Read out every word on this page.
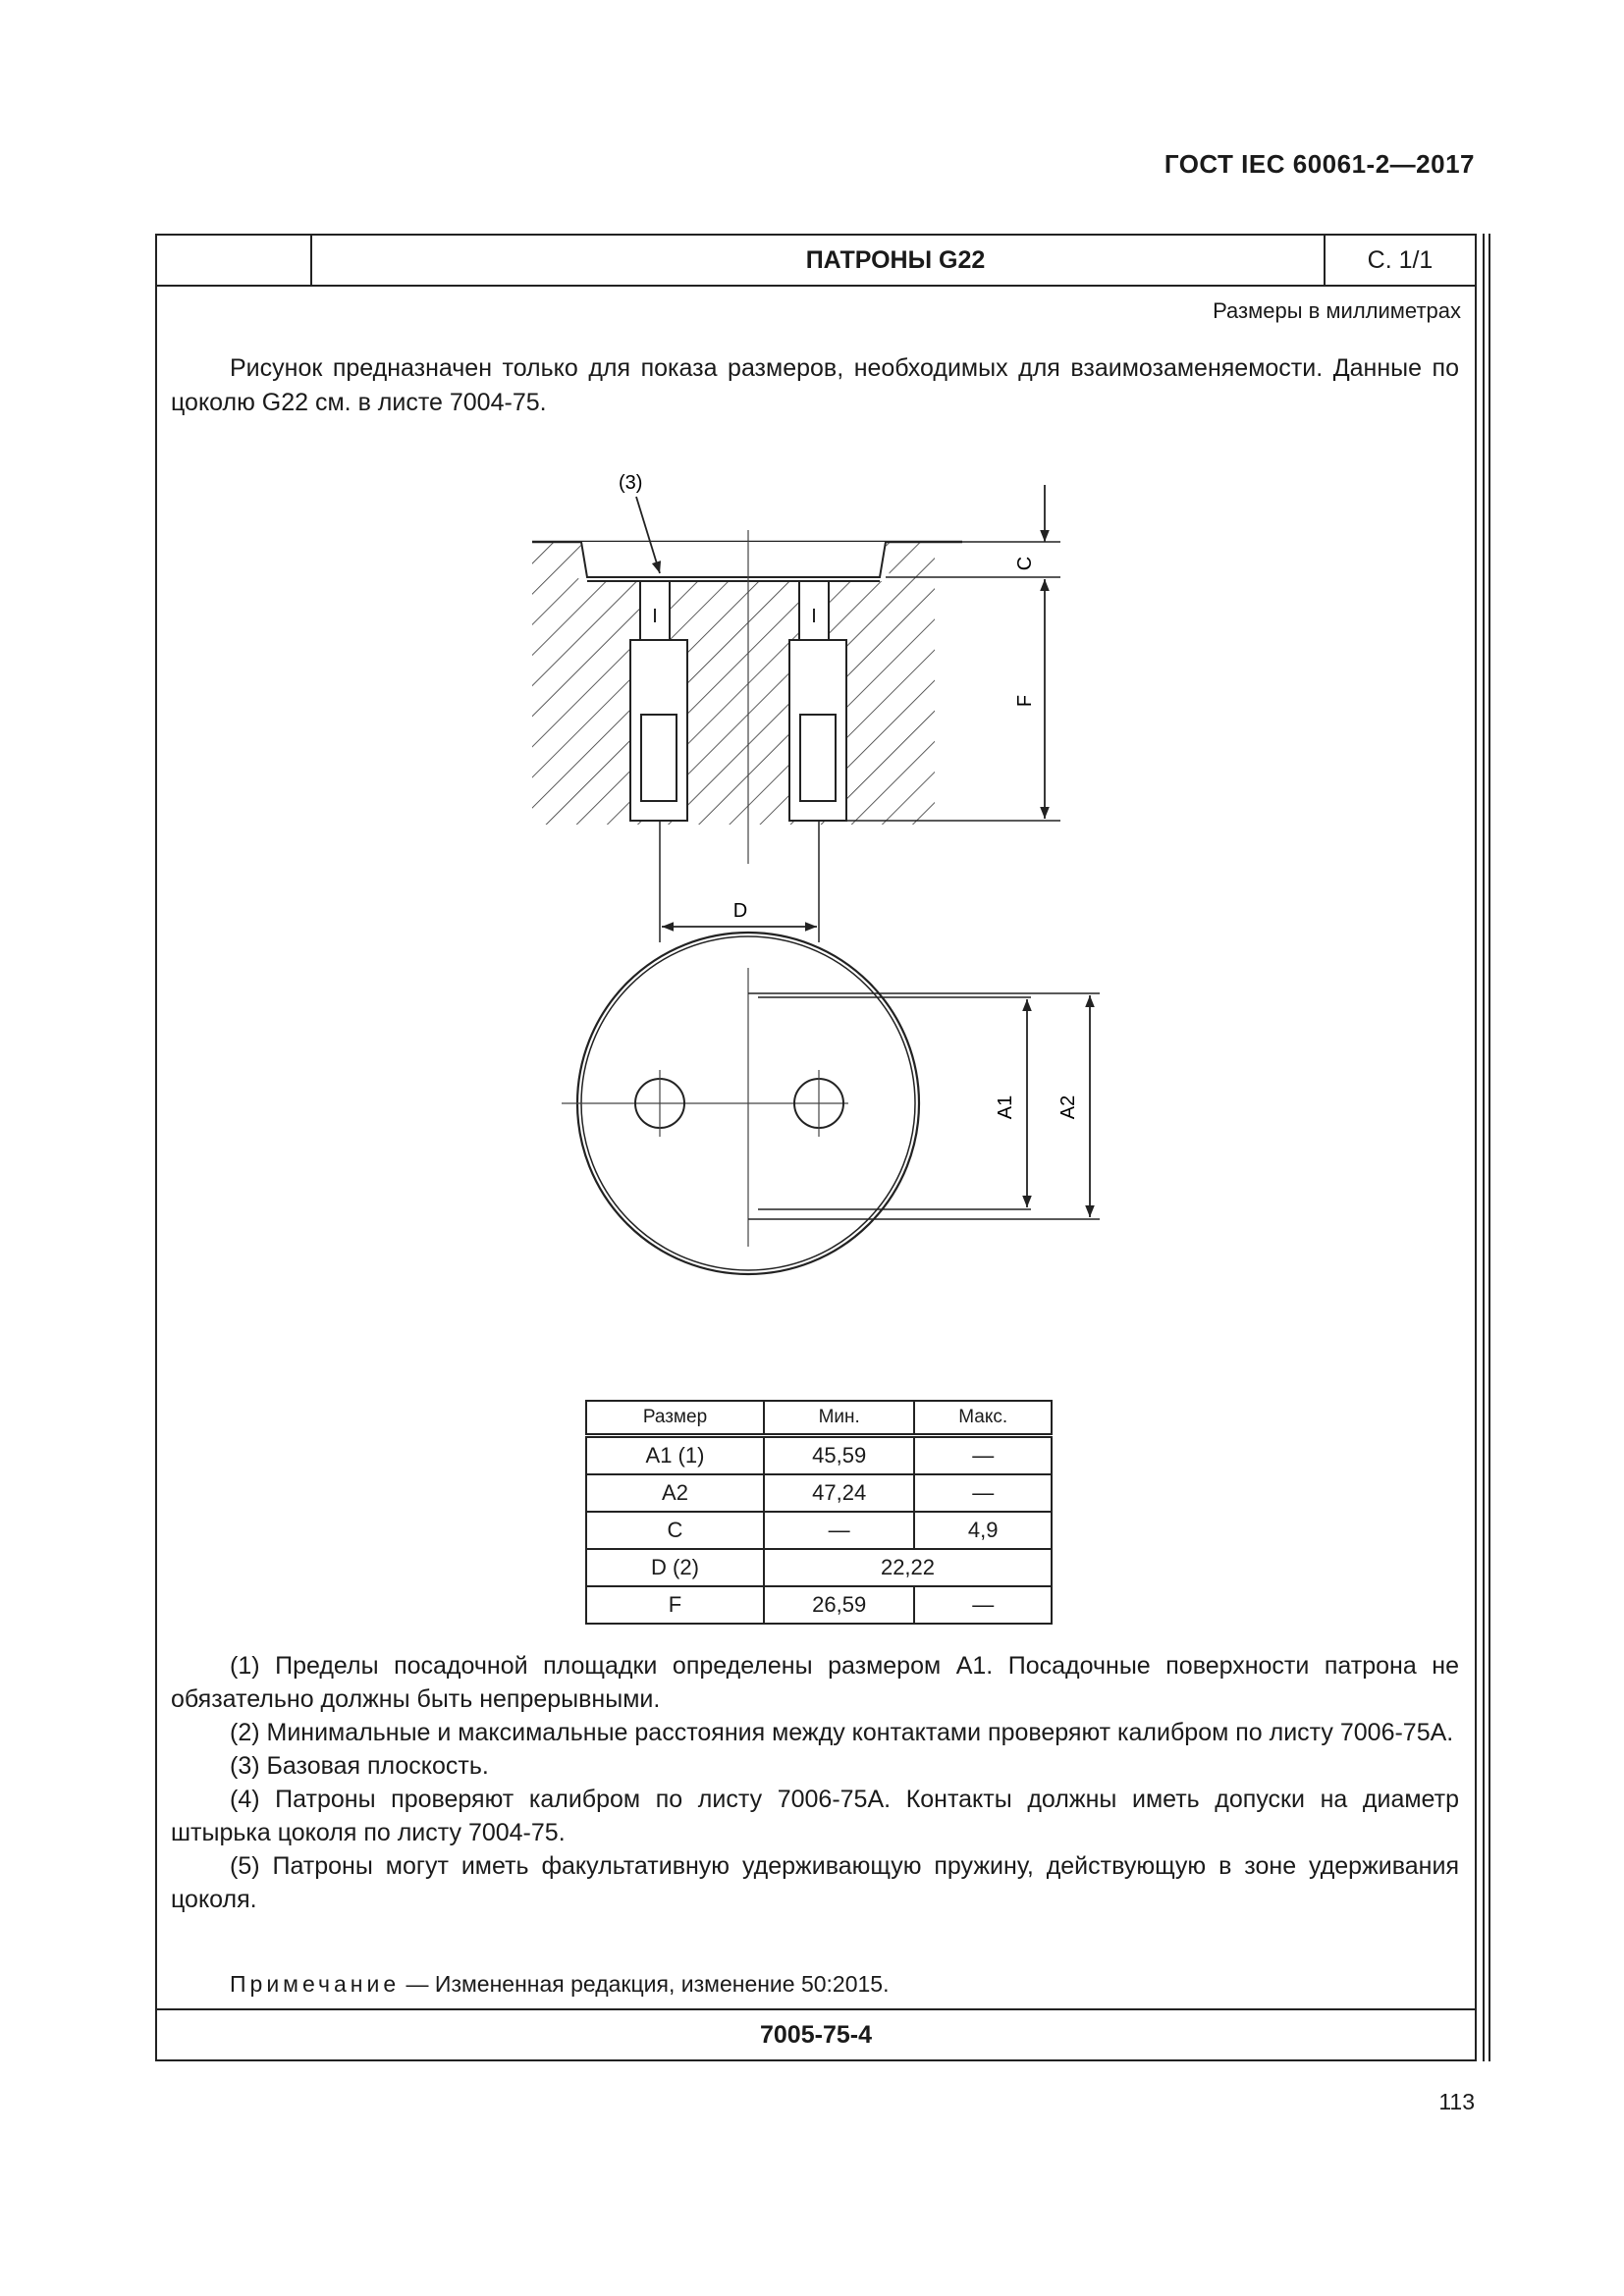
ГОСТ IEC 60061-2—2017
ПАТРОНЫ G22	С. 1/1
Размеры в миллиметрах

Рисунок предназначен только для показа размеров, необходимых для взаимозаменяемости. Данные по цоколю G22 см. в листе 7004-75.

(3)
C
F
D
A1 A2
Размер	Мин.	Макс.
A1 (1)	45,59	—
A2	47,24	—
C	—	4,9
D (2)	22,22	
F	26,59	—

(1) Пределы посадочной площадки определены размером A1. Посадочные поверхности патрона не обязательно должны быть непрерывными.

(2) Минимальные и максимальные расстояния между контактами проверяют калибром по листу 7006-75A.

(3) Базовая плоскость.

(4) Патроны проверяют калибром по листу 7006-75A. Контакты должны иметь допуски на диаметр штырька цоколя по листу 7004-75.

(5) Патроны могут иметь факультативную удерживающую пружину, действующую в зоне удерживания цоколя.

Примечание — Измененная редакция, изменение 50:2015.
7005-75-4
113
